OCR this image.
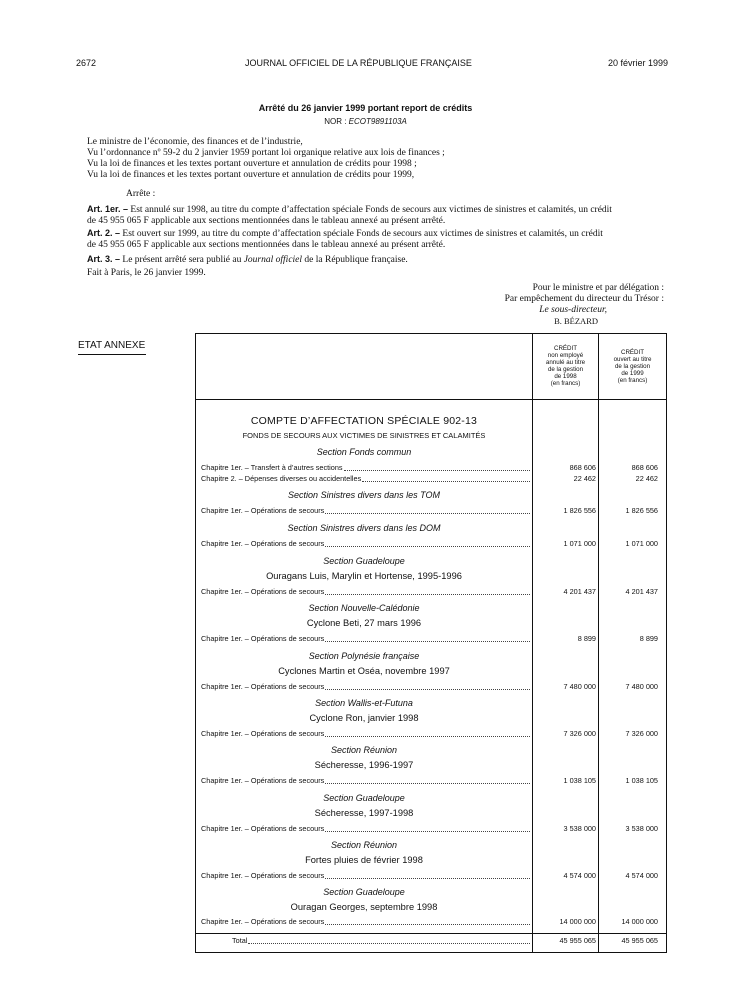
2672	JOURNAL OFFICIEL DE LA RÉPUBLIQUE FRANÇAISE	20 février 1999
Arrêté du 26 janvier 1999 portant report de crédits
NOR : ECOT9891103A
Le ministre de l’économie, des finances et de l’industrie,
Vu l’ordonnance nº 59-2 du 2 janvier 1959 portant loi organique relative aux lois de finances ;
Vu la loi de finances et les textes portant ouverture et annulation de crédits pour 1998 ;
Vu la loi de finances et les textes portant ouverture et annulation de crédits pour 1999,
Arrête :
Art. 1er. – Est annulé sur 1998, au titre du compte d’affectation spéciale Fonds de secours aux victimes de sinistres et calamités, un crédit
de 45 955 065 F applicable aux sections mentionnées dans le tableau annexé au présent arrêté.
Art. 2. – Est ouvert sur 1999, au titre du compte d’affectation spéciale Fonds de secours aux victimes de sinistres et calamités, un crédit
de 45 955 065 F applicable aux sections mentionnées dans le tableau annexé au présent arrêté.
Art. 3. – Le présent arrêté sera publié au Journal officiel de la République française.
Fait à Paris, le 26 janvier 1999.
Pour le ministre et par délégation :
Par empêchement du directeur du Trésor :
Le sous-directeur,
B. BÉZARD
ETAT ANNEXE	CRÉDIT
non employé
annulé au titre
de la gestion
de 1998
(en francs)
CRÉDIT
ouvert au titre
de la gestion
de 1999
(en francs)
COMPTE D’AFFECTATION SPÉCIALE 902-13
FONDS DE SECOURS AUX VICTIMES DE SINISTRES ET CALAMITÉS
Section Fonds commun
Chapitre 1er. – Transfert à d’autres sections	868 606	868 606
Chapitre 2. – Dépenses diverses ou accidentelles	22 462	22 462
Section Sinistres divers dans les TOM
Chapitre 1er. – Opérations de secours	1 826 556	1 826 556
Section Sinistres divers dans les DOM
Chapitre 1er. – Opérations de secours	1 071 000	1 071 000
Section Guadeloupe
Ouragans Luis, Marylin et Hortense, 1995-1996
Chapitre 1er. – Opérations de secours	4 201 437	4 201 437
Section Nouvelle-Calédonie
Cyclone Beti, 27 mars 1996
Chapitre 1er. – Opérations de secours	8 899	8 899
Section Polynésie française
Cyclones Martin et Oséa, novembre 1997
Chapitre 1er. – Opérations de secours	7 480 000	7 480 000
Section Wallis-et-Futuna
Cyclone Ron, janvier 1998
Chapitre 1er. – Opérations de secours	7 326 000	7 326 000
Section Réunion
Sécheresse, 1996-1997
Chapitre 1er. – Opérations de secours	1 038 105	1 038 105
Section Guadeloupe
Sécheresse, 1997-1998
Chapitre 1er. – Opérations de secours	3 538 000	3 538 000
Section Réunion
Fortes pluies de février 1998
Chapitre 1er. – Opérations de secours	4 574 000	4 574 000
Section Guadeloupe
Ouragan Georges, septembre 1998
Chapitre 1er. – Opérations de secours	14 000 000	14 000 000
Total	45 955 065	45 955 065
